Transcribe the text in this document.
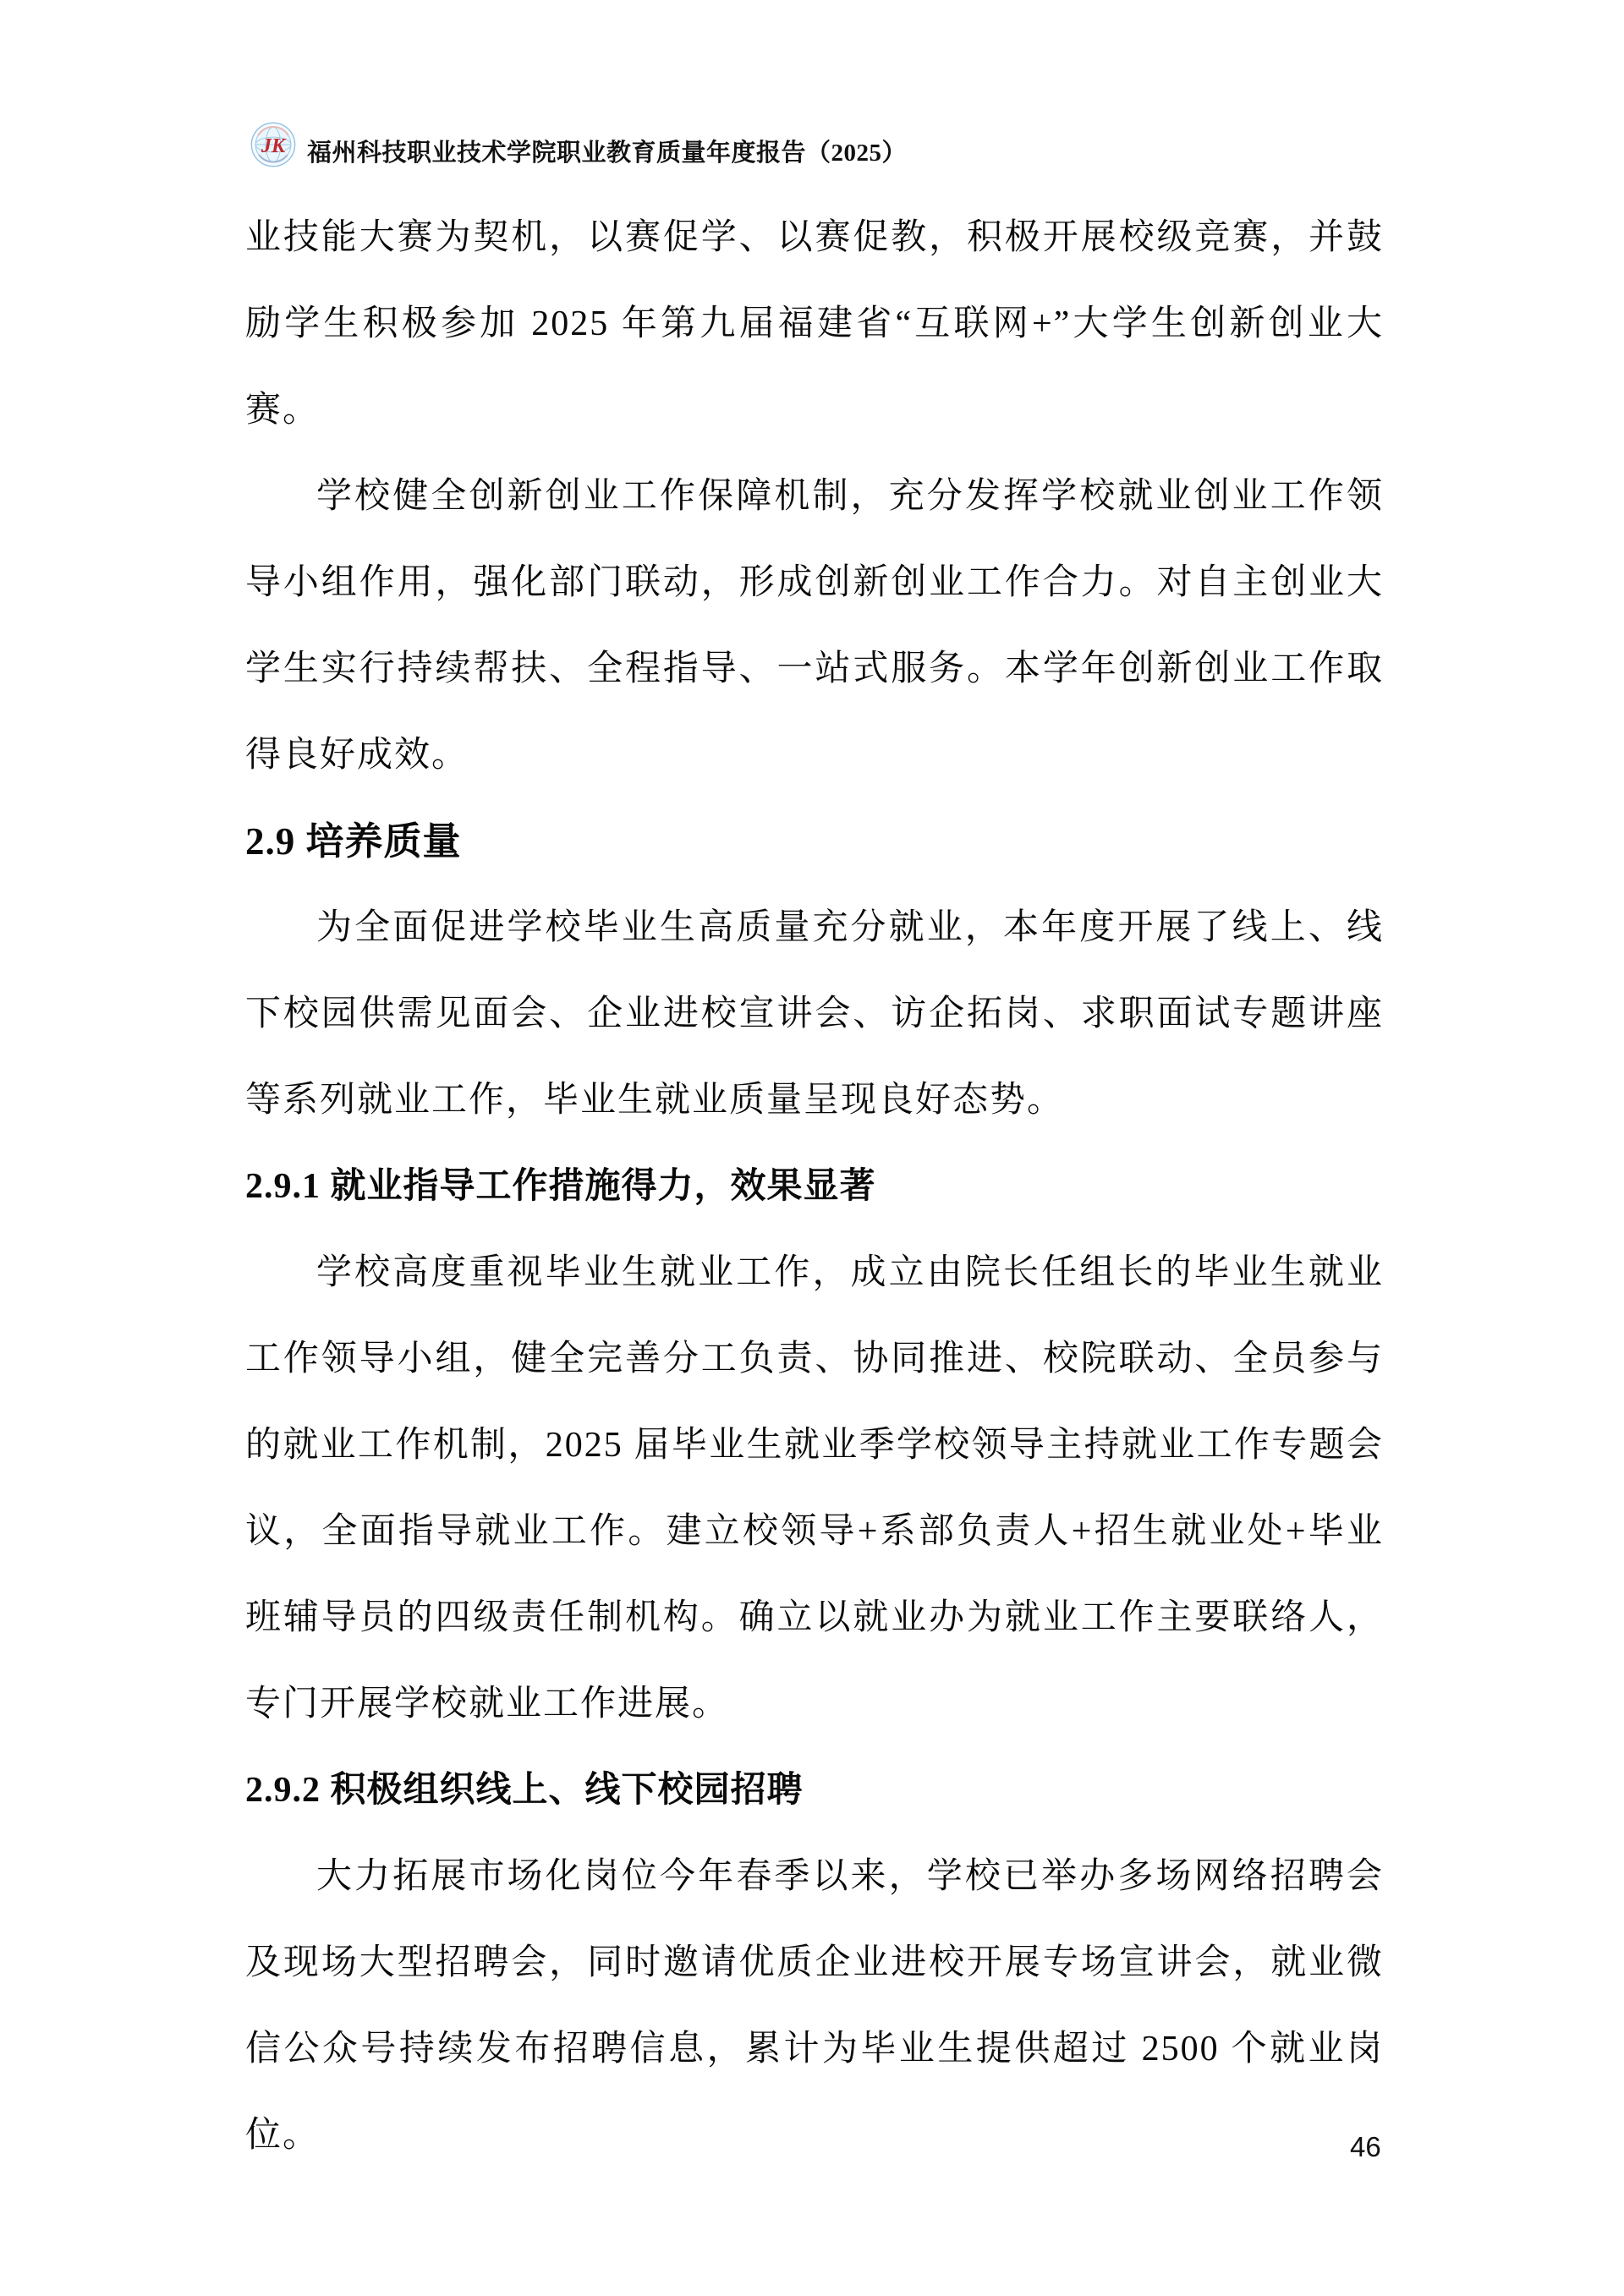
JK 福州科技职业技术学院职业教育质量年度报告（2025）

业技能大赛为契机，以赛促学、以赛促教，积极开展校级竞赛，并鼓励学生积极参加 2025 年第九届福建省“互联网+”大学生创新创业大赛。

学校健全创新创业工作保障机制，充分发挥学校就业创业工作领导小组作用，强化部门联动，形成创新创业工作合力。对自主创业大学生实行持续帮扶、全程指导、一站式服务。本学年创新创业工作取得良好成效。

2.9 培养质量

为全面促进学校毕业生高质量充分就业，本年度开展了线上、线下校园供需见面会、企业进校宣讲会、访企拓岗、求职面试专题讲座等系列就业工作，毕业生就业质量呈现良好态势。

2.9.1 就业指导工作措施得力，效果显著

学校高度重视毕业生就业工作，成立由院长任组长的毕业生就业工作领导小组，健全完善分工负责、协同推进、校院联动、全员参与的就业工作机制，2025 届毕业生就业季学校领导主持就业工作专题会议，全面指导就业工作。建立校领导+系部负责人+招生就业处+毕业班辅导员的四级责任制机构。确立以就业办为就业工作主要联络人，专门开展学校就业工作进展。

2.9.2 积极组织线上、线下校园招聘

大力拓展市场化岗位今年春季以来，学校已举办多场网络招聘会及现场大型招聘会，同时邀请优质企业进校开展专场宣讲会，就业微信公众号持续发布招聘信息，累计为毕业生提供超过 2500 个就业岗位。	46
